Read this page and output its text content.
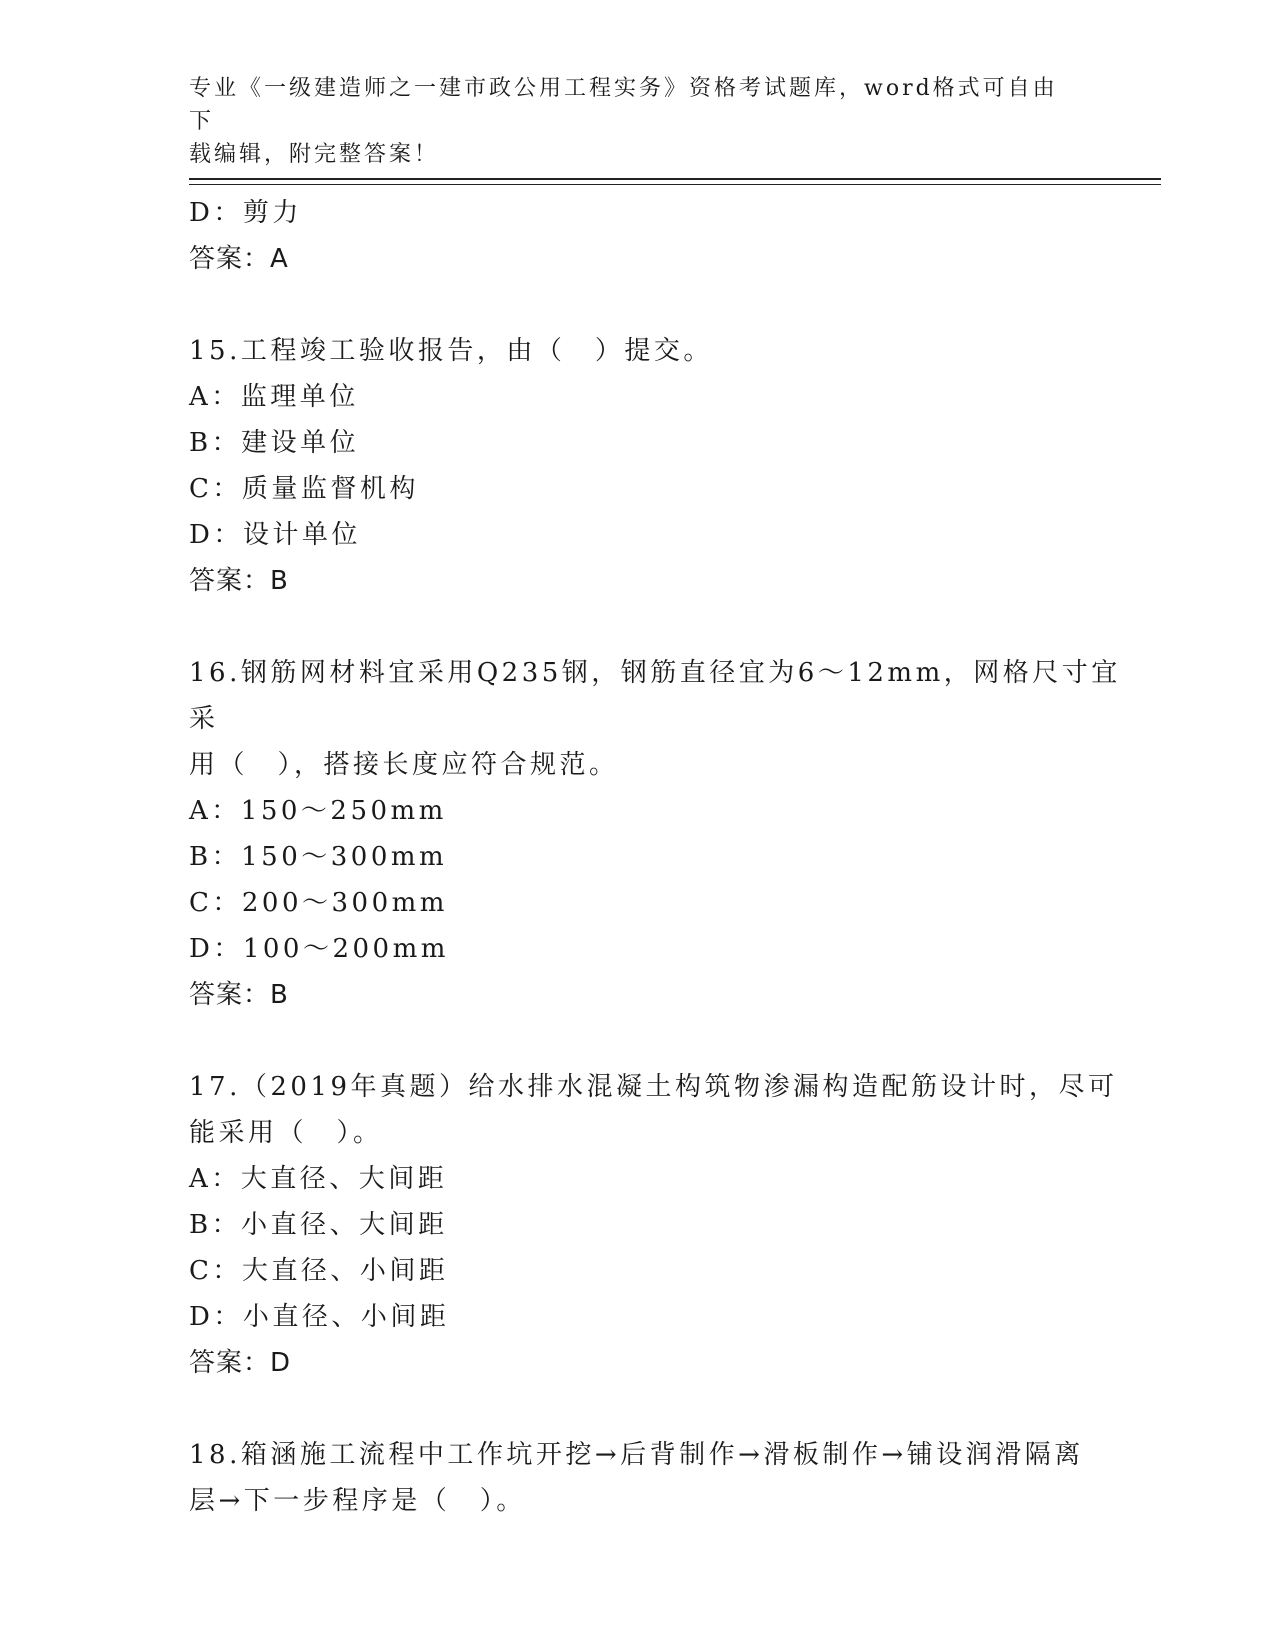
专业《一级建造师之一建市政公用工程实务》资格考试题库，word格式可自由下
载编辑，附完整答案！
D：剪力
答案：A
15.工程竣工验收报告，由（　）提交。
A：监理单位
B：建设单位
C：质量监督机构
D：设计单位
答案：B
16.钢筋网材料宜采用Q235钢，钢筋直径宜为6～12mm，网格尺寸宜采
用（　），搭接长度应符合规范。
A：150～250mm
B：150～300mm
C：200～300mm
D：100～200mm
答案：B
17.（2019年真题）给水排水混凝土构筑物渗漏构造配筋设计时，尽可
能采用（　）。
A：大直径、大间距
B：小直径、大间距
C：大直径、小间距
D：小直径、小间距
答案：D
18.箱涵施工流程中工作坑开挖→后背制作→滑板制作→铺设润滑隔离
层→下一步程序是（　）。
